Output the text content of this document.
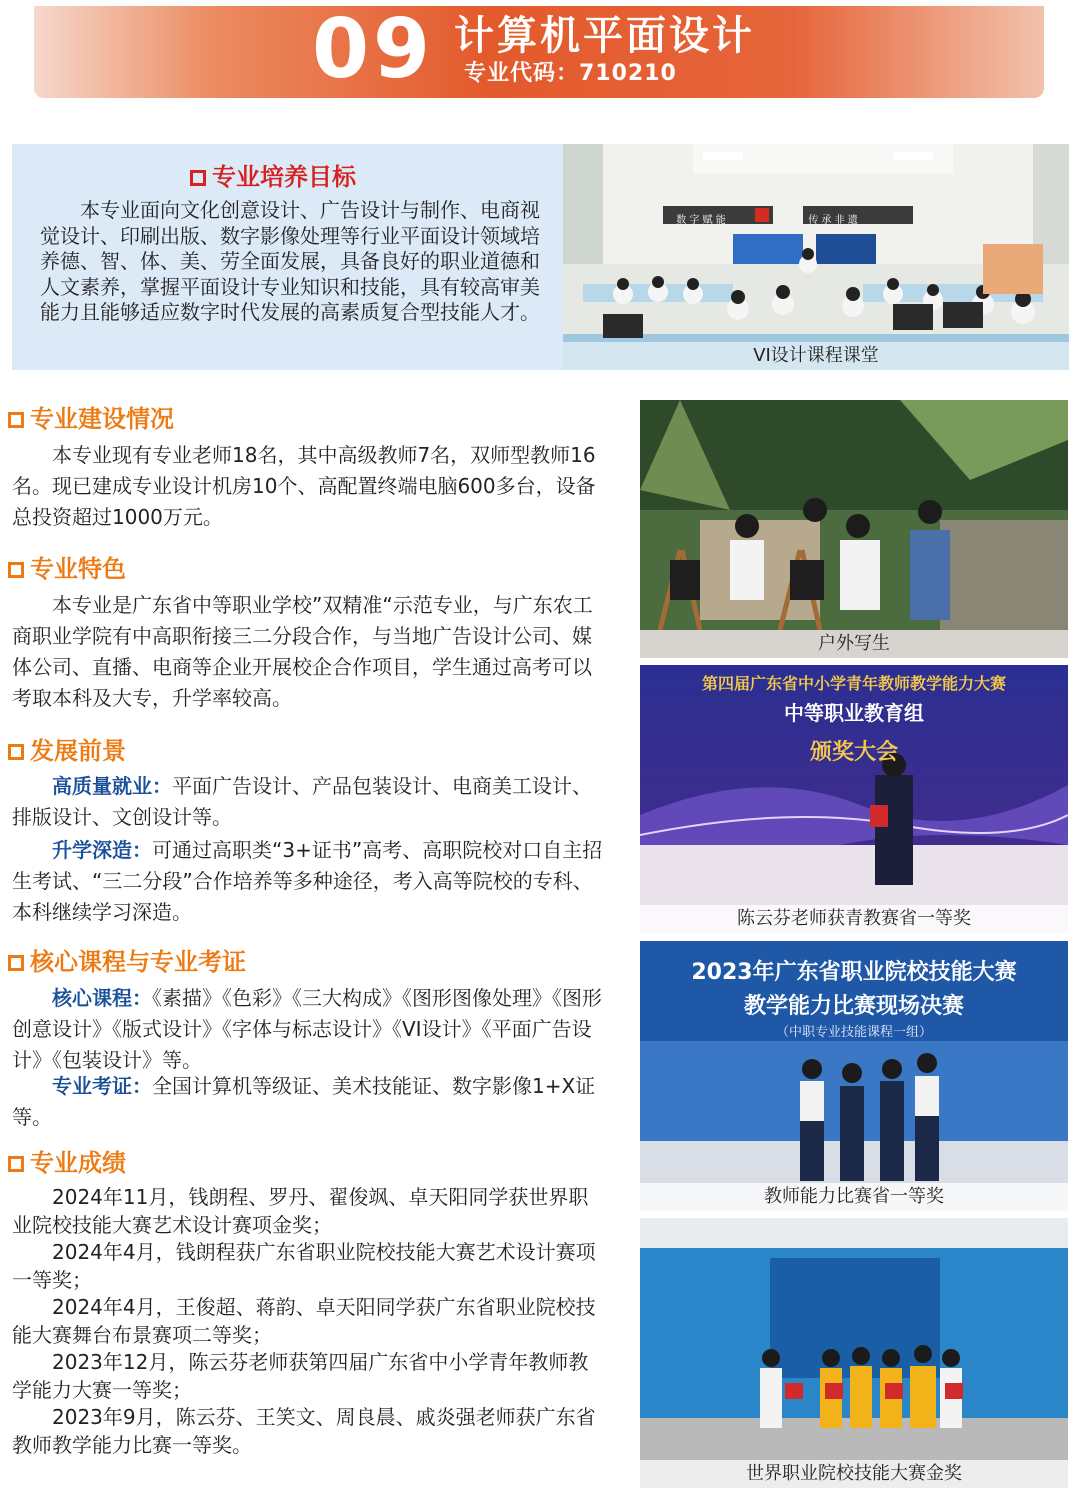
09 计算机平面设计
专业代码：710210
专业培养目标

本专业面向文化创意设计、广告设计与制作、电商视觉设计、印刷出版、数字影像处理等行业平面设计领域培养德、智、体、美、劳全面发展，具备良好的职业道德和人文素养，掌握平面设计专业知识和技能，具有较高审美能力且能够适应数字时代发展的高素质复合型技能人才。

数 字 赋 能	传 承 非 遗
VI设计课程课堂
户外写生
第四届广东省中小学青年教师教学能力大赛
中等职业教育组
颁奖大会
陈云芬老师获青教赛省一等奖
2023年广东省职业院校技能大赛
教学能力比赛现场决赛
（中职专业技能课程一组）
教师能力比赛省一等奖
世界职业院校技能大赛金奖
专业建设情况

本专业现有专业老师18名，其中高级教师7名，双师型教师16名。现已建成专业设计机房10个、高配置终端电脑600多台，设备总投资超过1000万元。

专业特色

本专业是广东省中等职业学校”双精准“示范专业，与广东农工商职业学院有中高职衔接三二分段合作，与当地广告设计公司、媒体公司、直播、电商等企业开展校企合作项目，学生通过高考可以考取本科及大专，升学率较高。

发展前景

高质量就业：平面广告设计、产品包装设计、电商美工设计、排版设计、文创设计等。

升学深造：可通过高职类“3+证书”高考、高职院校对口自主招生考试、“三二分段”合作培养等多种途径，考入高等院校的专科、本科继续学习深造。

核心课程与专业考证

核心课程：《素描》《色彩》《三大构成》《图形图像处理》《图形创意设计》《版式设计》《字体与标志设计》《VI设计》《平面广告设计》《包装设计》等。

专业考证：全国计算机等级证、美术技能证、数字影像1+X证等。

专业成绩

2024年11月，钱朗程、罗丹、翟俊飒、卓天阳同学获世界职业院校技能大赛艺术设计赛项金奖；

2024年4月，钱朗程获广东省职业院校技能大赛艺术设计赛项一等奖；

2024年4月，王俊超、蒋韵、卓天阳同学获广东省职业院校技能大赛舞台布景赛项二等奖；

2023年12月，陈云芬老师获第四届广东省中小学青年教师教学能力大赛一等奖；

2023年9月，陈云芬、王笑文、周良晨、戚炎强老师获广东省教师教学能力比赛一等奖。
